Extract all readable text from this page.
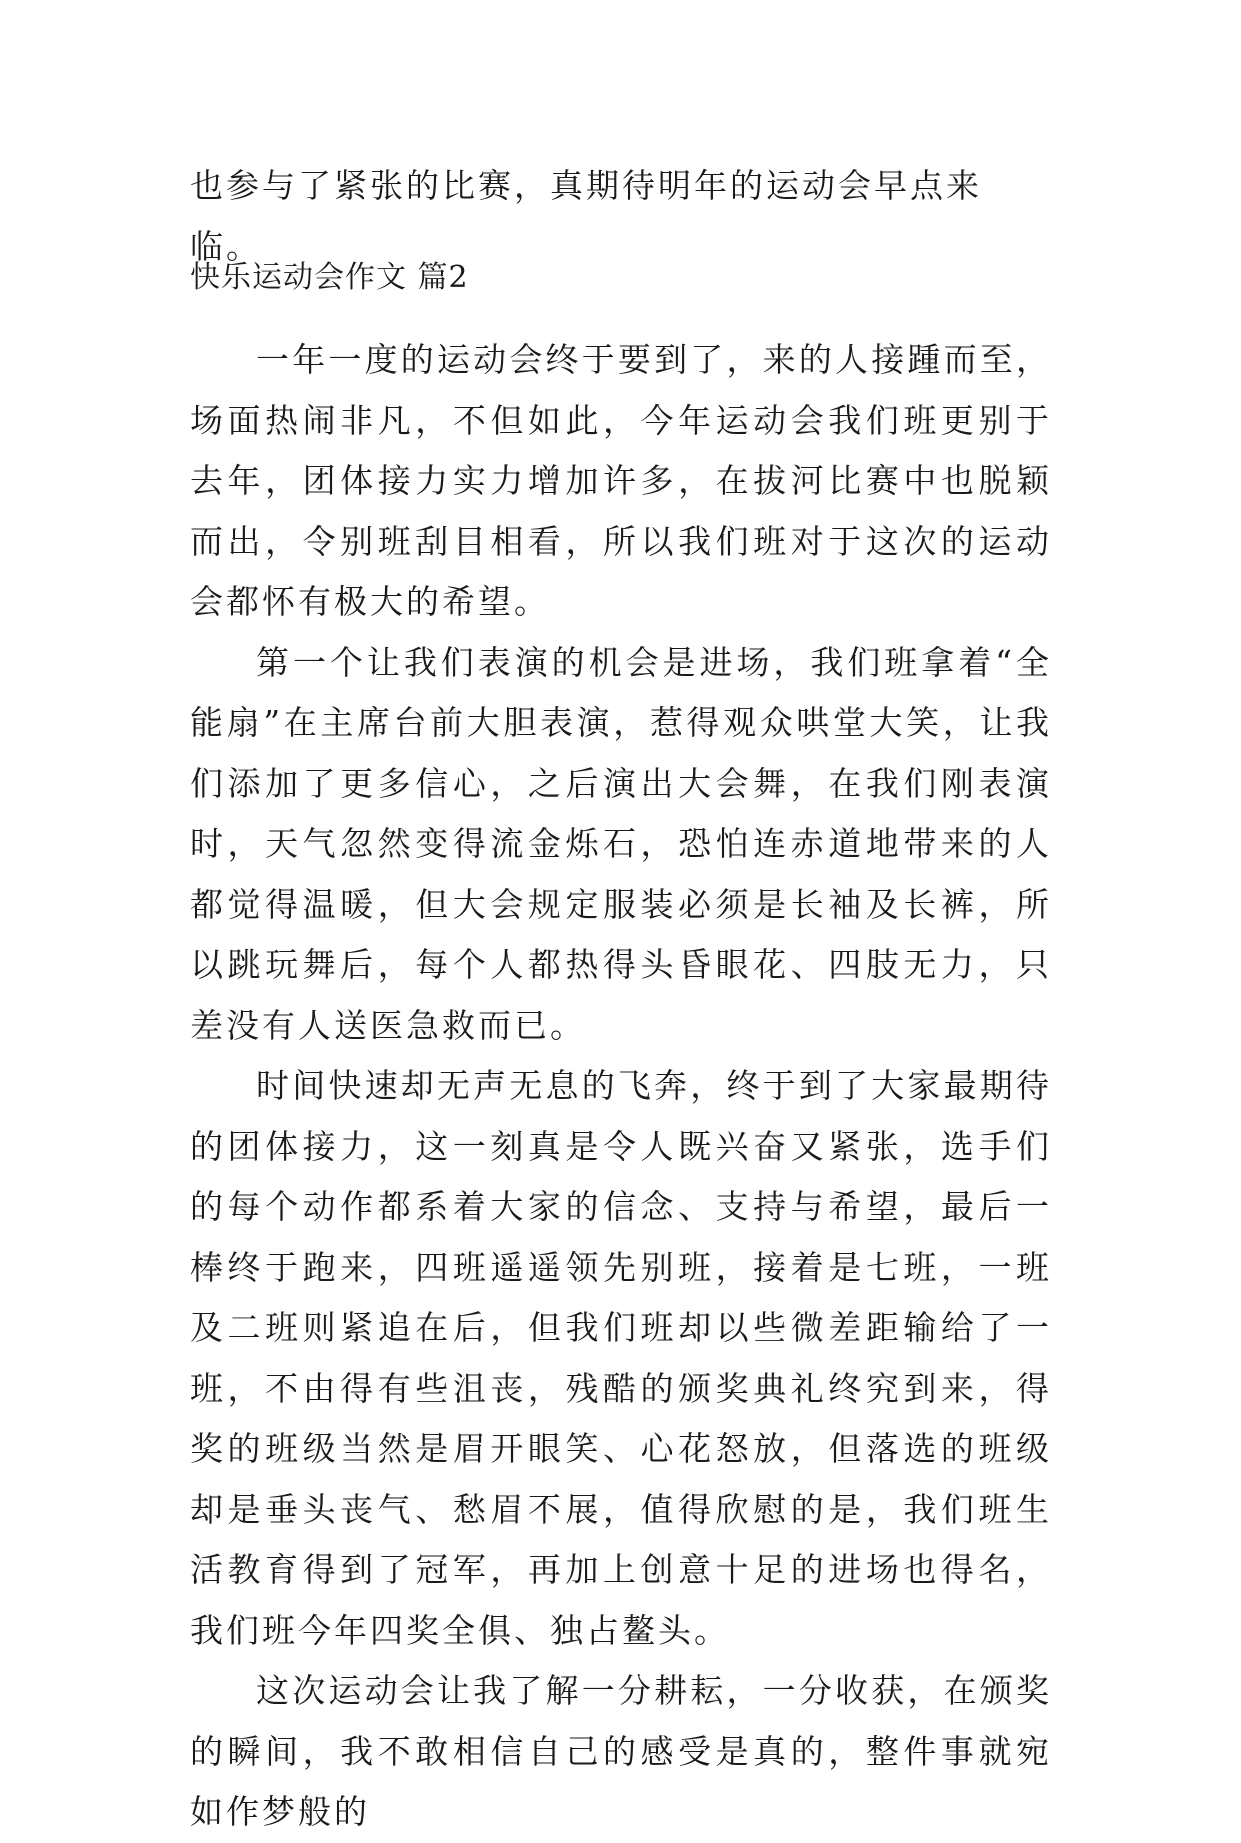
也参与了紧张的比赛，真期待明年的运动会早点来临。

快乐运动会作文 篇2

一年一度的运动会终于要到了，来的人接踵而至，场面热闹非凡，不但如此，今年运动会我们班更别于去年，团体接力实力增加许多，在拔河比赛中也脱颖而出，令别班刮目相看，所以我们班对于这次的运动会都怀有极大的希望。

第一个让我们表演的机会是进场，我们班拿着“全能扇”在主席台前大胆表演，惹得观众哄堂大笑，让我们添加了更多信心，之后演出大会舞，在我们刚表演时，天气忽然变得流金烁石，恐怕连赤道地带来的人都觉得温暖，但大会规定服装必须是长袖及长裤，所以跳玩舞后，每个人都热得头昏眼花、四肢无力，只差没有人送医急救而已。

时间快速却无声无息的飞奔，终于到了大家最期待的团体接力，这一刻真是令人既兴奋又紧张，选手们的每个动作都系着大家的信念、支持与希望，最后一棒终于跑来，四班遥遥领先别班，接着是七班，一班及二班则紧追在后，但我们班却以些微差距输给了一班，不由得有些沮丧，残酷的颁奖典礼终究到来，得奖的班级当然是眉开眼笑、心花怒放，但落选的班级却是垂头丧气、愁眉不展，值得欣慰的是，我们班生活教育得到了冠军，再加上创意十足的进场也得名，我们班今年四奖全俱、独占鳌头。

这次运动会让我了解一分耕耘，一分收获，在颁奖的瞬间，我不敢相信自己的感受是真的，整件事就宛如作梦般的
